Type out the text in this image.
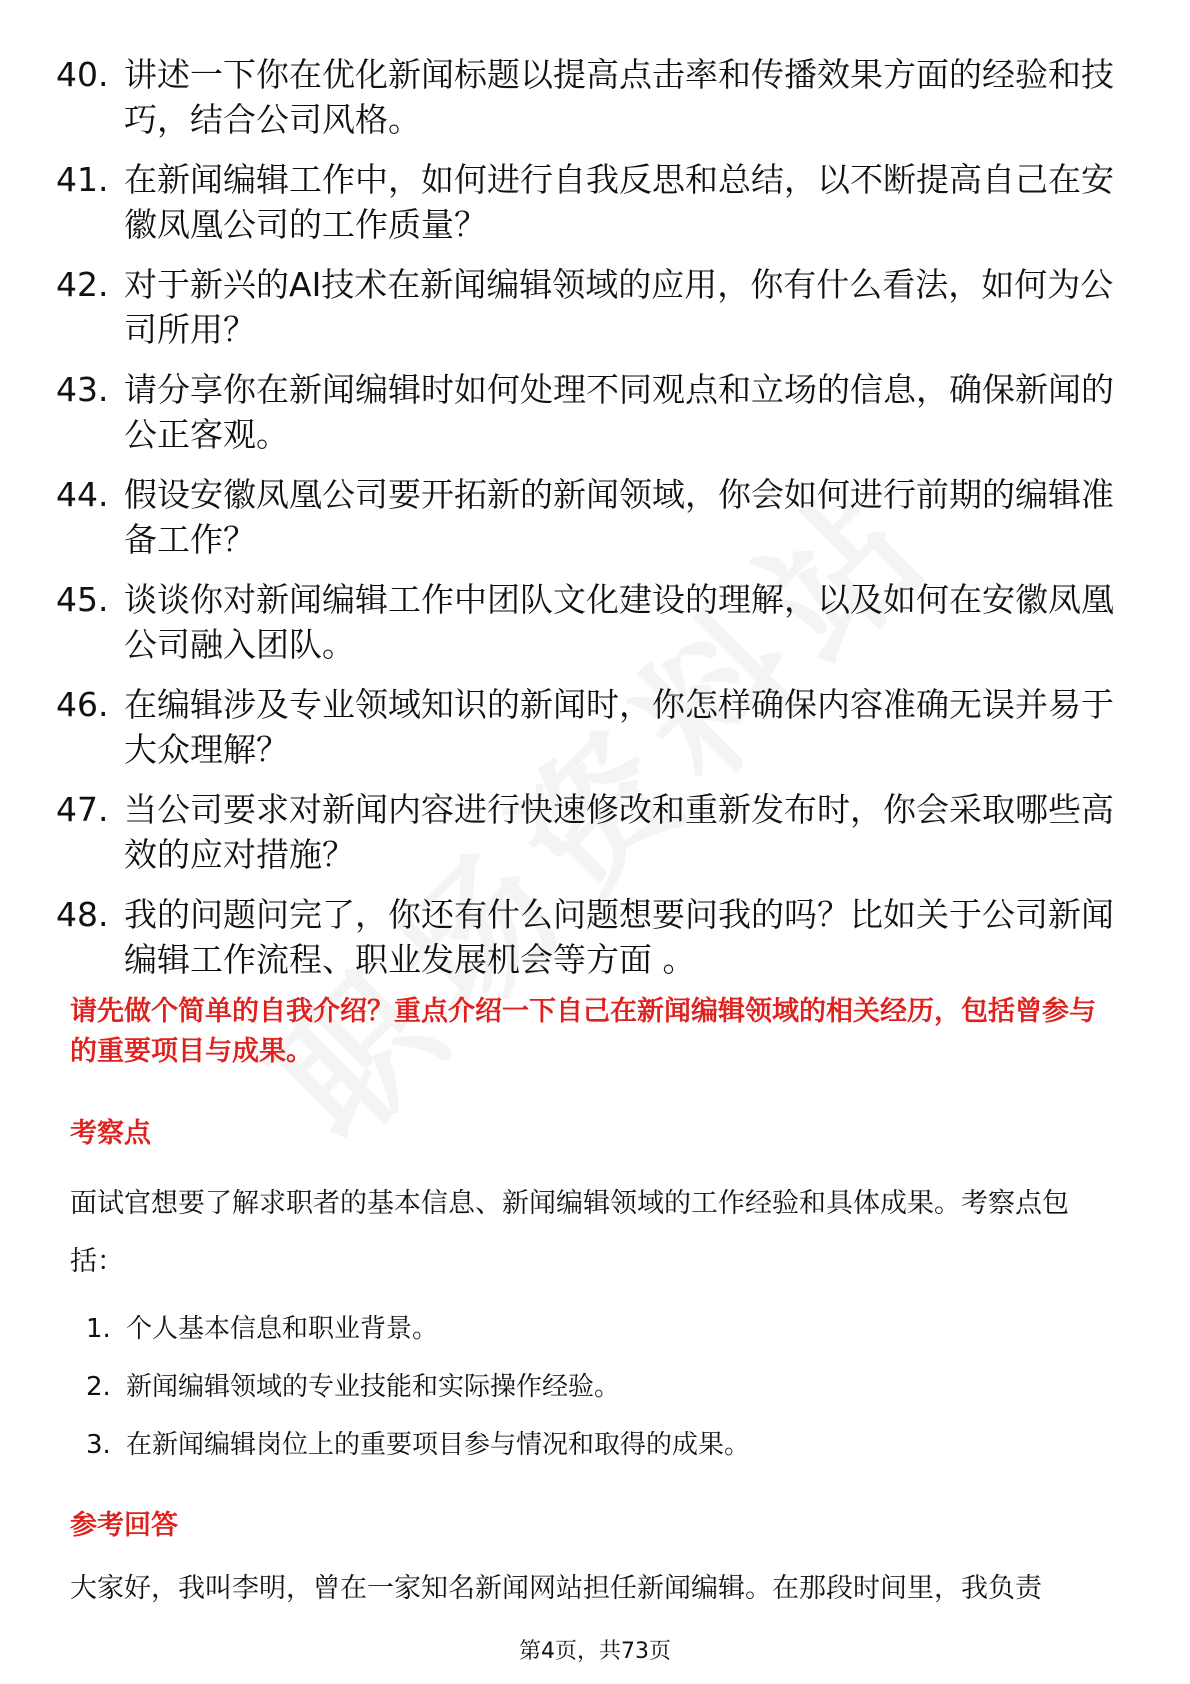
40. 讲述一下你在优化新闻标题以提高点击率和传播效果方面的经验和技巧，结合公司风格。
41. 在新闻编辑工作中，如何进行自我反思和总结，以不断提高自己在安徽凤凰公司的工作质量？
42. 对于新兴的AI技术在新闻编辑领域的应用，你有什么看法，如何为公司所用？
43. 请分享你在新闻编辑时如何处理不同观点和立场的信息，确保新闻的公正客观。
44. 假设安徽凤凰公司要开拓新的新闻领域，你会如何进行前期的编辑准备工作？
45. 谈谈你对新闻编辑工作中团队文化建设的理解，以及如何在安徽凤凰公司融入团队。
46. 在编辑涉及专业领域知识的新闻时，你怎样确保内容准确无误并易于大众理解？
47. 当公司要求对新闻内容进行快速修改和重新发布时，你会采取哪些高效的应对措施？
48. 我的问题问完了，你还有什么问题想要问我的吗？比如关于公司新闻编辑工作流程、职业发展机会等方面 。
请先做个简单的自我介绍？重点介绍一下自己在新闻编辑领域的相关经历，包括曾参与的重要项目与成果。
考察点
面试官想要了解求职者的基本信息、新闻编辑领域的工作经验和具体成果。考察点包括：
1. 个人基本信息和职业背景。
2. 新闻编辑领域的专业技能和实际操作经验。
3. 在新闻编辑岗位上的重要项目参与情况和取得的成果。
参考回答
大家好，我叫李明，曾在一家知名新闻网站担任新闻编辑。在那段时间里，我负责
第4页，共73页
